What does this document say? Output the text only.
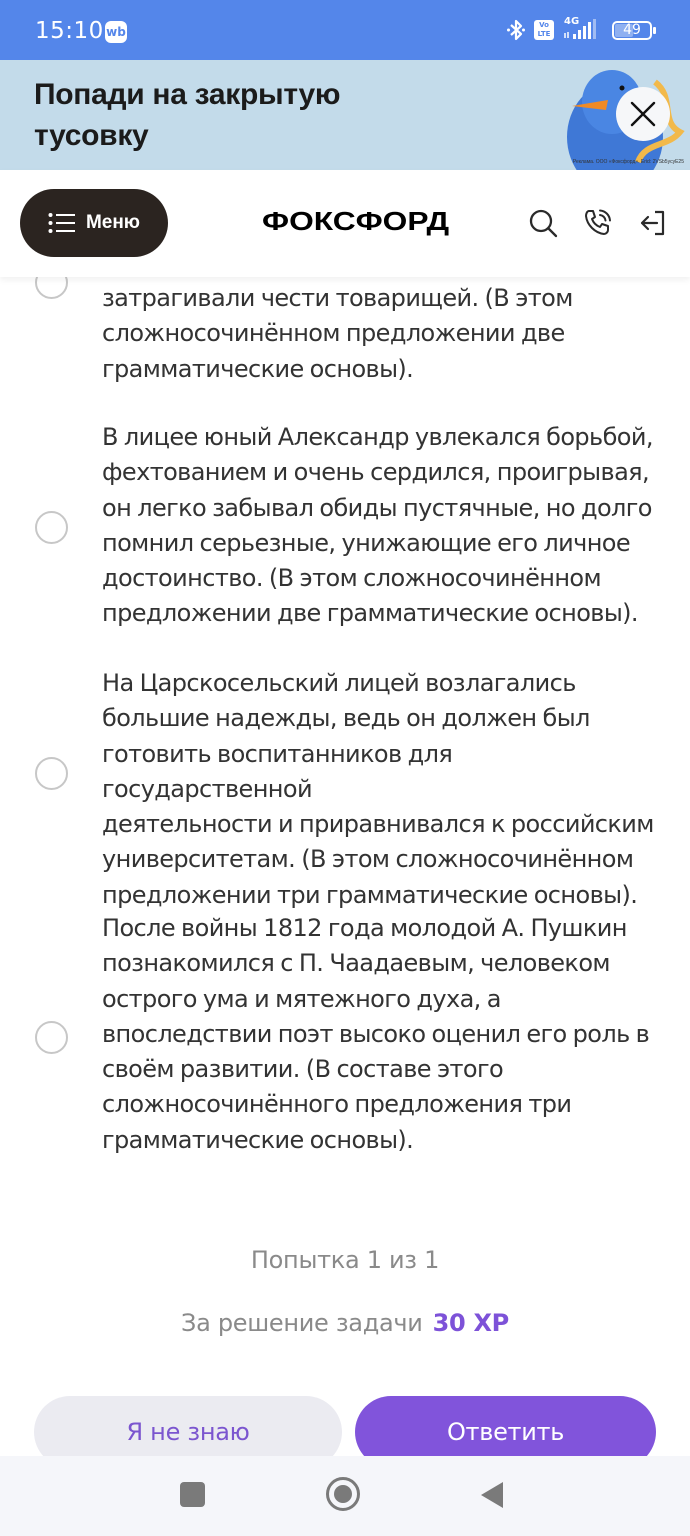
15:10 wb	Vo
LTE
4G	49
Попади на закрытую
тусовку
Реклама. ООО «Фоксфорд». Erid: 2VSb5ycyE25
Меню	ФОКСФОРД
затрагивали чести товарищей. (В этом
сложносочинённом предложении две
грамматические основы).
В лицее юный Александр увлекался борьбой,
фехтованием и очень сердился, проигрывая,
он легко забывал обиды пустячные, но долго
помнил серьезные, унижающие его личное
достоинство. (В этом сложносочинённом
предложении две грамматические основы).
На Царскосельский лицей возлагались
большие надежды, ведь он должен был
готовить воспитанников для государственной
деятельности и приравнивался к российским
университетам. (В этом сложносочинённом
предложении три грамматические основы).
После войны 1812 года молодой А. Пушкин
познакомился с П. Чаадаевым, человеком
острого ума и мятежного духа, а
впоследствии поэт высоко оценил его роль в
своём развитии. (В составе этого
сложносочинённого предложения три
грамматические основы).
Попытка 1 из 1
За решение задачи 30 XP
Я не знаю	Ответить
